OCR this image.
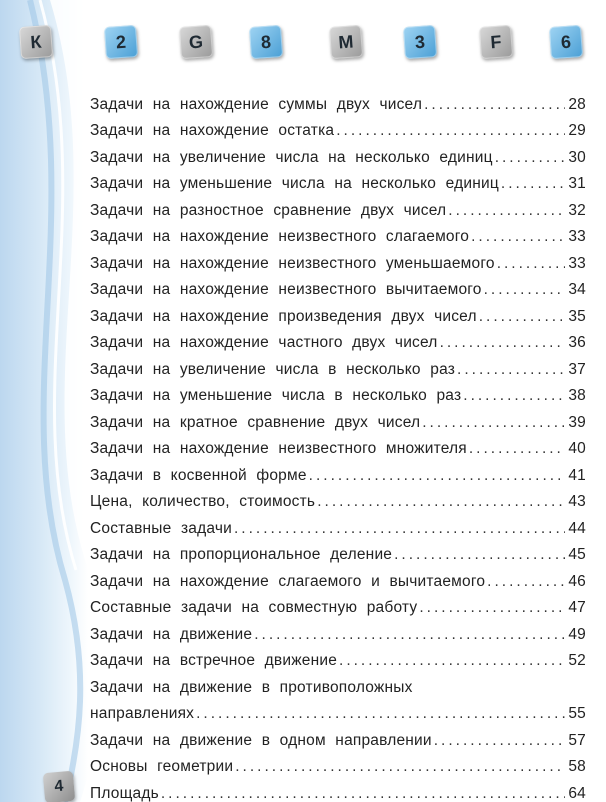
К	2	G	8	M	3	F	6
Задачи на нахождение суммы двух чисел .....	28
Задачи на нахождение остатка .....	29
Задачи на увеличение числа на несколько единиц .....	30
Задачи на уменьшение числа на несколько единиц .....	31
Задачи на разностное сравнение двух чисел .....	32
Задачи на нахождение неизвестного слагаемого .....	33
Задачи на нахождение неизвестного уменьшаемого .....	33
Задачи на нахождение неизвестного вычитаемого .....	34
Задачи на нахождение произведения двух чисел .....	35
Задачи на нахождение частного двух чисел .....	36
Задачи на увеличение числа в несколько раз .....	37
Задачи на уменьшение числа в несколько раз .....	38
Задачи на кратное сравнение двух чисел .....	39
Задачи на нахождение неизвестного множителя .....	40
Задачи в косвенной форме .....	41
Цена, количество, стоимость .....	43
Составные задачи .....	44
Задачи на пропорциональное деление .....	45
Задачи на нахождение слагаемого и вычитаемого .....	46
Составные задачи на совместную работу .....	47
Задачи на движение .....	49
Задачи на встречное движение .....	52
Задачи на движение в противоположных
направлениях .....	55
Задачи на движение в одном направлении .....	57
Основы геометрии .....	58
Площадь .....	64
4
